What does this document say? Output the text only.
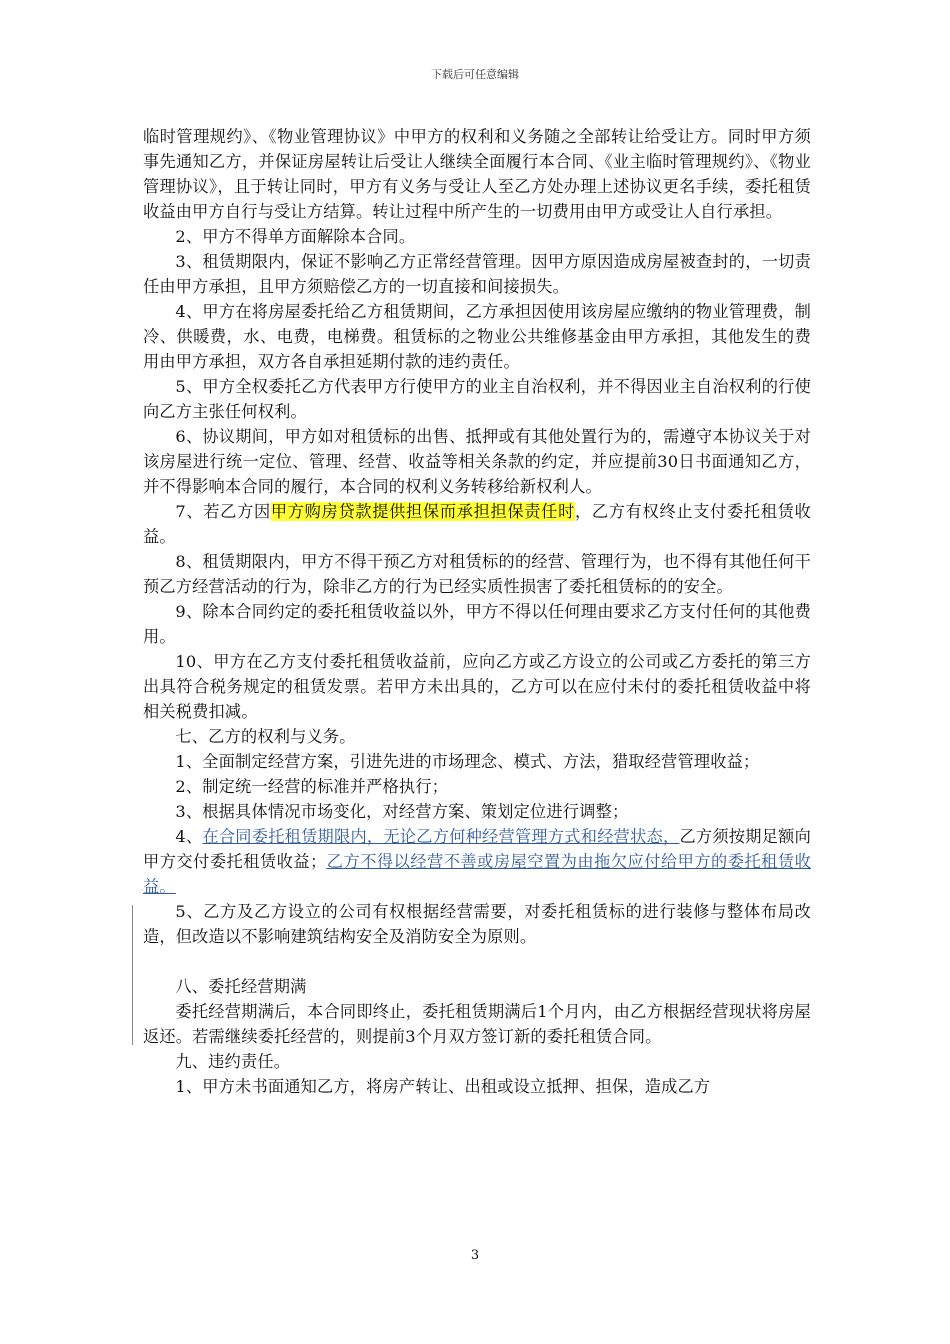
下载后可任意编辑

临时管理规约》、《物业管理协议》中甲方的权利和义务随之全部转让给受让方。同时甲方须事先通知乙方，并保证房屋转让后受让人继续全面履行本合同、《业主临时管理规约》、《物业管理协议》，且于转让同时，甲方有义务与受让人至乙方处办理上述协议更名手续，委托租赁收益由甲方自行与受让方结算。转让过程中所产生的一切费用由甲方或受让人自行承担。

2、甲方不得单方面解除本合同。

3、租赁期限内，保证不影响乙方正常经营管理。因甲方原因造成房屋被查封的，一切责任由甲方承担，且甲方须赔偿乙方的一切直接和间接损失。

4、甲方在将房屋委托给乙方租赁期间，乙方承担因使用该房屋应缴纳的物业管理费，制冷、供暖费，水、电费，电梯费。租赁标的之物业公共维修基金由甲方承担，其他发生的费用由甲方承担，双方各自承担延期付款的违约责任。

5、甲方全权委托乙方代表甲方行使甲方的业主自治权利，并不得因业主自治权利的行使向乙方主张任何权利。

6、协议期间，甲方如对租赁标的出售、抵押或有其他处置行为的，需遵守本协议关于对该房屋进行统一定位、管理、经营、收益等相关条款的约定，并应提前30日书面通知乙方，并不得影响本合同的履行，本合同的权利义务转移给新权利人。

7、若乙方因甲方购房贷款提供担保而承担担保责任时，乙方有权终止支付委托租赁收益。

8、租赁期限内，甲方不得干预乙方对租赁标的的经营、管理行为，也不得有其他任何干预乙方经营活动的行为，除非乙方的行为已经实质性损害了委托租赁标的的安全。

9、除本合同约定的委托租赁收益以外，甲方不得以任何理由要求乙方支付任何的其他费用。

10、甲方在乙方支付委托租赁收益前，应向乙方或乙方设立的公司或乙方委托的第三方出具符合税务规定的租赁发票。若甲方未出具的，乙方可以在应付未付的委托租赁收益中将相关税费扣减。

七、乙方的权利与义务。

1、全面制定经营方案，引进先进的市场理念、模式、方法，猎取经营管理收益；

2、制定统一经营的标准并严格执行；

3、根据具体情况市场变化，对经营方案、策划定位进行调整；

4、在合同委托租赁期限内，无论乙方何种经营管理方式和经营状态，乙方须按期足额向甲方交付委托租赁收益；乙方不得以经营不善或房屋空置为由拖欠应付给甲方的委托租赁收益。

5、乙方及乙方设立的公司有权根据经营需要，对委托租赁标的进行装修与整体布局改造，但改造以不影响建筑结构安全及消防安全为原则。

八、委托经营期满

委托经营期满后，本合同即终止，委托租赁期满后1个月内，由乙方根据经营现状将房屋返还。若需继续委托经营的，则提前3个月双方签订新的委托租赁合同。

九、违约责任。

1、甲方未书面通知乙方，将房产转让、出租或设立抵押、担保，造成乙方

3
